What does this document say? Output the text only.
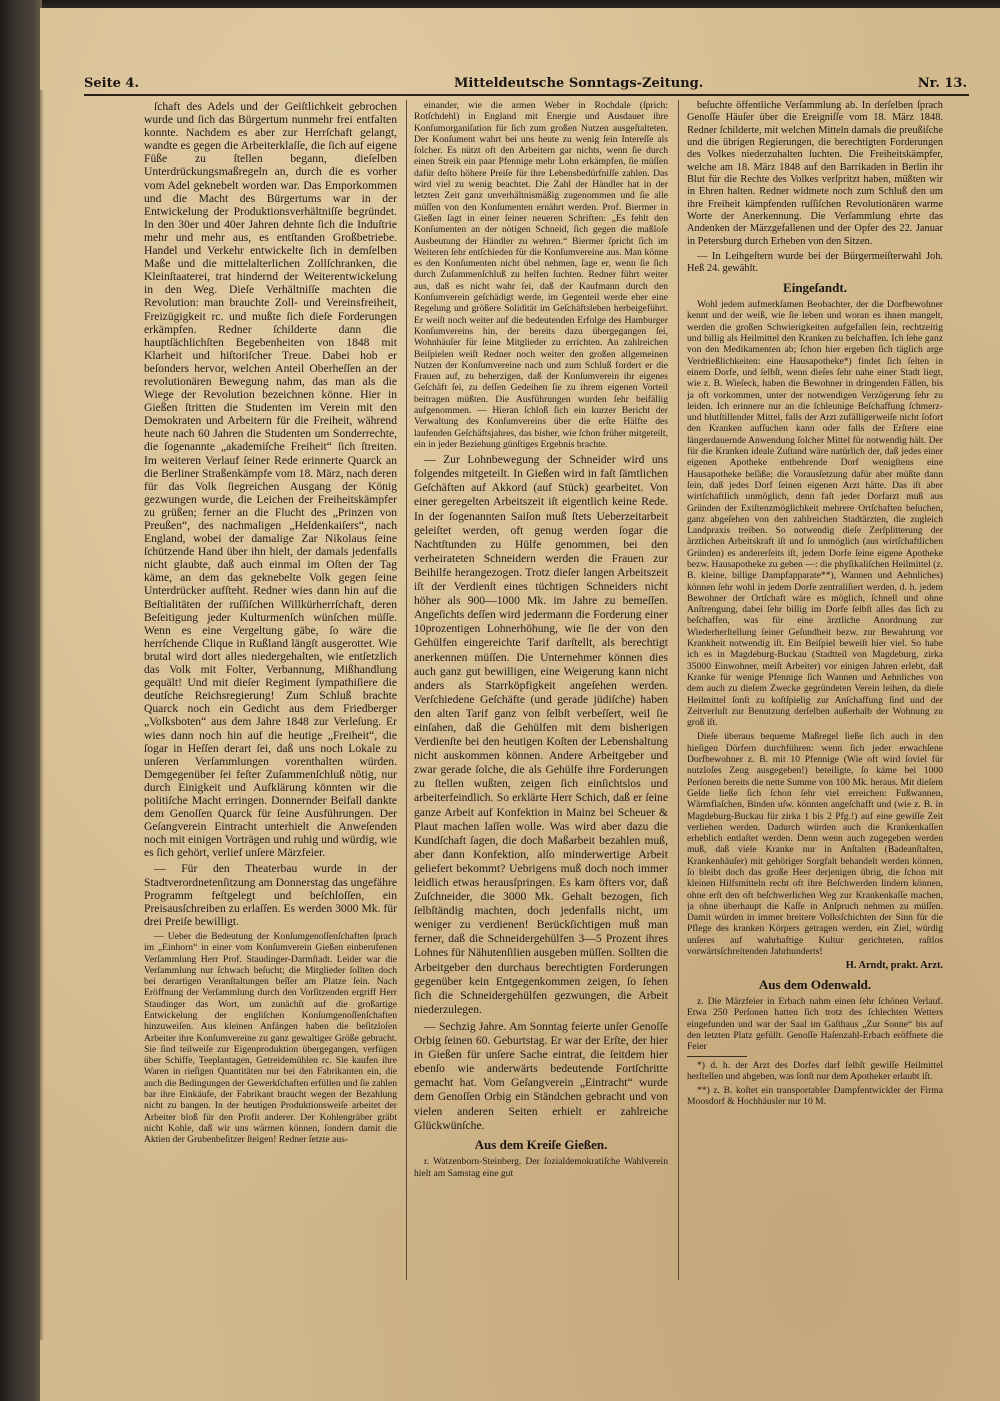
Seite 4.	Mitteldeutsche Sonntags-Zeitung.	Nr. 13.

ſchaft des Adels und der Geiſtlichkeit gebrochen wurde und ſich das Bürgertum nunmehr frei entfalten konnte. Nachdem es aber zur Herrſchaft gelangt, wandte es gegen die Arbeiterklaſſe, die ſich auf eigene Füße zu ſtellen begann, dieſelben Unterdrückungsmaßregeln an, durch die es vorher vom Adel geknebelt worden war. Das Emporkommen und die Macht des Bürgertums war in der Entwickelung der Produktionsverhältniſſe begründet. In den 30er und 40er Jahren dehnte ſich die Induſtrie mehr und mehr aus, es entſtanden Großbetriebe. Handel und Verkehr entwickelte ſich in demſelben Maße und die mittelalterlichen Zollſchranken, die Kleinſtaaterei, trat hindernd der Weiterentwickelung in den Weg. Dieſe Verhältniſſe machten die Revolution: man brauchte Zoll- und Vereinsfreiheit, Freizügigkeit rc. und mußte ſich dieſe Forderungen erkämpfen. Redner ſchilderte dann die hauptſächlichſten Begebenheiten von 1848 mit Klarheit und hiſtoriſcher Treue. Dabei hob er beſonders hervor, welchen Anteil Oberheſſen an der revolutionären Bewegung nahm, das man als die Wiege der Revolution bezeichnen könne. Hier in Gießen ſtritten die Studenten im Verein mit den Demokraten und Arbeitern für die Freiheit, während heute nach 60 Jahren die Studenten um Sonderrechte, die ſogenannte „akademiſche Freiheit“ ſich ſtreiten. Im weiteren Verlauf ſeiner Rede erinnerte Quarck an die Berliner Straßenkämpfe vom 18. März, nach deren für das Volk ſiegreichen Ausgang der König gezwungen wurde, die Leichen der Freiheitskämpfer zu grüßen; ferner an die Flucht des „Prinzen von Preußen“, des nachmaligen „Heldenkaiſers“, nach England, wobei der damalige Zar Nikolaus ſeine ſchützende Hand über ihn hielt, der damals jedenfalls nicht glaubte, daß auch einmal im Oſten der Tag käme, an dem das geknebelte Volk gegen ſeine Unterdrücker aufſteht. Redner wies dann hin auf die Beſtialitäten der ruſſiſchen Willkürherrſchaft, deren Beſeitigung jeder Kulturmenſch wünſchen müſſe. Wenn es eine Vergeltung gäbe, ſo wäre die herrſchende Clique in Rußland längſt ausgerottet. Wie brutal wird dort alles niedergehalten, wie entſetzlich das Volk mit Folter, Verbannung, Mißhandlung gequält! Und mit dieſer Regiment ſympathiſiere die deutſche Reichsregierung! Zum Schluß brachte Quarck noch ein Gedicht aus dem Friedberger „Volksboten“ aus dem Jahre 1848 zur Verleſung. Er wies dann noch hin auf die heutige „Freiheit“, die ſogar in Heſſen derart ſei, daß uns noch Lokale zu unſeren Verſammlungen vorenthalten würden. Demgegenüber ſei feſter Zuſammenſchluß nötig, nur durch Einigkeit und Aufklärung könnten wir die politiſche Macht erringen. Donnernder Beifall dankte dem Genoſſen Quarck für ſeine Ausführungen. Der Geſangverein Eintracht unterhielt die Anweſenden noch mit einigen Vorträgen und ruhig und würdig, wie es ſich gehört, verlief unſere Märzfeier.

— Für den Theaterbau wurde in der Stadtverordnetenſitzung am Donnerstag das ungefähre Programm feſtgelegt und beſchloſſen, ein Preisausſchreiben zu erlaſſen. Es werden 3000 Mk. für drei Preiſe bewilligt.

— Ueber die Bedeutung der Konſumgenoſſenſchaften ſprach im „Einhorn“ in einer vom Konſumverein Gießen einberufenen Verſammlung Herr Prof. Staudinger-Darmſtadt. Leider war die Verſammlung nur ſchwach beſucht; die Mitglieder ſollten doch bei derartigen Veranſtaltungen beſſer am Platze ſein. Nach Eröffnung der Verſammlung durch den Vorſitzenden ergriff Herr Staudinger das Wort, um zunächſt auf die großartige Entwickelung der engliſchen Konſumgenoſſenſchaften hinzuweiſen. Aus kleinen Anfängen haben die beſitzloſen Arbeiter ihre Konſumvereine zu ganz gewaltiger Größe gebracht. Sie ſind teilweiſe zur Eigenproduktion übergegangen, verfügen über Schiffe, Teeplantagen, Getreidemühlen rc. Sie kaufen ihre Waren in rieſigen Quantitäten nur bei den Fabrikanten ein, die auch die Bedingungen der Gewerkſchaften erfüllen und ſie zahlen bar ihre Einkäufe, der Fabrikant braucht wegen der Bezahlung nicht zu bangen. In der heutigen Produktionsweiſe arbeitet der Arbeiter bloß für den Profit anderer. Der Kohlengräber gräbt nicht Kohle, daß wir uns wärmen können, ſondern damit die Aktien der Grubenbeſitzer ſteigen! Redner ſetzte aus-

einander, wie die armen Weber in Rochdale (ſprich: Rotſchdehl) in England mit Energie und Ausdauer ihre Konſumorganiſation für ſich zum großen Nutzen ausgeſtalteten. Der Konſument wahrt bei uns heute zu wenig ſein Intereſſe als ſolcher. Es nützt oft den Arbeitern gar nichts, wenn ſie durch einen Streik ein paar Pfennige mehr Lohn erkämpfen, ſie müſſen dafür deſto höhere Preiſe für ihre Lebensbedürfniſſe zahlen. Das wird viel zu wenig beachtet. Die Zahl der Händler hat in der letzten Zeit ganz unverhältnismäßig zugenommen und ſie alle müſſen von den Konſumenten ernährt werden. Prof. Biermer in Gießen ſagt in einer ſeiner neueren Schriften: „Es fehlt den Konſumenten an der nötigen Schneid, ſich gegen die maßloſe Ausbeutung der Händler zu wehren.“ Biermer ſpricht ſich im Weiteren ſehr entſchieden für die Konſumvereine aus. Man könne es den Konſumenten nicht übel nehmen, ſage er, wenn ſie ſich durch Zuſammenſchluß zu helfen ſuchten. Redner führt weiter aus, daß es nicht wahr ſei, daß der Kaufmann durch den Konſumverein geſchädigt werde, im Gegenteil werde eher eine Regelung und größere Solidität im Geſchäftsleben herbeigeführt. Er weiſt noch weiter auf die bedeutenden Erfolge des Hamburger Konſumvereins hin, der bereits dazu übergegangen ſei, Wohnhäuſer für ſeine Mitglieder zu errichten. An zahlreichen Beiſpielen weiſt Redner noch weiter den großen allgemeinen Nutzen der Konſumvereine nach und zum Schluß fordert er die Frauen auf, zu beherzigen, daß der Konſumverein ihr eigenes Geſchäft ſei, zu deſſen Gedeihen ſie zu ihrem eigenen Vorteil beitragen müßten. Die Ausführungen wurden ſehr beifällig aufgenommen. — Hieran ſchloß ſich ein kurzer Bericht der Verwaltung des Konſumvereins über die erſte Hälfte des laufenden Geſchäftsjahres, das bisher, wie ſchon früher mitgeteilt, ein in jeder Beziehung günſtiges Ergebnis brachte.

— Zur Lohnbewegung der Schneider wird uns folgendes mitgeteilt. In Gießen wird in faſt ſämtlichen Geſchäften auf Akkord (auf Stück) gearbeitet. Von einer geregelten Arbeitszeit iſt eigentlich keine Rede. In der ſogenannten Saiſon muß ſtets Ueberzeitarbeit geleiſtet werden, oft genug werden ſogar die Nachtſtunden zu Hülfe genommen, bei den verheirateten Schneidern werden die Frauen zur Beihilfe herangezogen. Trotz dieſer langen Arbeitszeit iſt der Verdienſt eines tüchtigen Schneiders nicht höher als 900—1000 Mk. im Jahre zu bemeſſen. Angeſichts deſſen wird jedermann die Forderung einer 10prozentigen Lohnerhöhung, wie ſie der von den Gehülfen eingereichte Tarif darſtellt, als berechtigt anerkennen müſſen. Die Unternehmer können dies auch ganz gut bewilligen, eine Weigerung kann nicht anders als Starrköpfigkeit angeſehen werden. Verſchiedene Geſchäfte (und gerade jüdiſche) haben den alten Tarif ganz von ſelbſt verbeſſert, weil ſie einſahen, daß die Gehülfen mit dem bisherigen Verdienſte bei den heutigen Koſten der Lebenshaltung nicht auskommen können. Andere Arbeitgeber und zwar gerade ſolche, die als Gehülfe ihre Forderungen zu ſtellen wußten, zeigen ſich einſichtslos und arbeiterfeindlich. So erklärte Herr Schich, daß er ſeine ganze Arbeit auf Konfektion in Mainz bei Scheuer & Plaut machen laſſen wolle. Was wird aber dazu die Kundſchaft ſagen, die doch Maßarbeit bezahlen muß, aber dann Konfektion, alſo minderwertige Arbeit geliefert bekommt? Uebrigens muß doch noch immer leidlich etwas herausſpringen. Es kam öfters vor, daß Zuſchneider, die 3000 Mk. Gehalt bezogen, ſich ſelbſtändig machten, doch jedenfalls nicht, um weniger zu verdienen! Berückſichtigen muß man ferner, daß die Schneidergehülfen 3—5 Prozent ihres Lohnes für Nähutenſilien ausgeben müſſen. Sollten die Arbeitgeber den durchaus berechtigten Forderungen gegenüber kein Entgegenkommen zeigen, ſo ſehen ſich die Schneidergehülfen gezwungen, die Arbeit niederzulegen.

— Sechzig Jahre. Am Sonntag feierte unſer Genoſſe Orbig ſeinen 60. Geburtstag. Er war der Erſte, der hier in Gießen für unſere Sache eintrat, die ſeitdem hier ebenſo wie anderwärts bedeutende Fortſchritte gemacht hat. Vom Geſangverein „Eintracht“ wurde dem Genoſſen Orbig ein Ständchen gebracht und von vielen anderen Seiten erhielt er zahlreiche Glückwünſche.

Aus dem Kreiſe Gießen.

r. Watzenborn-Steinberg. Der ſozialdemokratiſche Wahlverein hielt am Samstag eine gut

beſuchte öffentliche Verſammlung ab. In derſelben ſprach Genoſſe Häuſer über die Ereigniſſe vom 18. März 1848. Redner ſchilderte, mit welchen Mitteln damals die preußiſche und die übrigen Regierungen, die berechtigten Forderungen des Volkes niederzuhalten ſuchten. Die Freiheitskämpfer, welche am 18. März 1848 auf den Barrikaden in Berlin ihr Blut für die Rechte des Volkes verſpritzt haben, müßten wir in Ehren halten. Redner widmete noch zum Schluß den um ihre Freiheit kämpfenden ruſſiſchen Revolutionären warme Worte der Anerkennung. Die Verſammlung ehrte das Andenken der Märzgefallenen und der Opfer des 22. Januar in Petersburg durch Erheben von den Sitzen.

— In Leihgeſtern wurde bei der Bürgermeiſterwahl Joh. Heß 24. gewählt.

Eingeſandt.

Wohl jedem aufmerkſamen Beobachter, der die Dorfbewohner kennt und der weiß, wie ſie leben und woran es ihnen mangelt, werden die großen Schwierigkeiten aufgefallen ſein, rechtzeitig und billig als Heilmittel den Kranken zu beſchaffen. Ich ſehe ganz von den Medikamenten ab; ſchon hier ergeben ſich täglich arge Verdrießlichkeiten: eine Hausapotheke*) findet ſich ſelten in einem Dorfe, und ſelbſt, wenn dieſes ſehr nahe einer Stadt liegt, wie z. B. Wieſeck, haben die Bewohner in dringenden Fällen, bis ja oft vorkommen, unter der notwendigen Verzögerung ſehr zu leiden. Ich erinnere nur an die ſchleunige Beſchaffung ſchmerz- und blutſtillender Mittel, falls der Arzt zufälligerweiſe nicht ſofort den Kranken aufſuchen kann oder falls der Erſtere eine längerdauernde Anwendung ſolcher Mittel für notwendig hält. Der für die Kranken ideale Zuſtand wäre natürlich der, daß jedes einer eigenen Apotheke entbehrende Dorf wenigſtens eine Hausapotheke beſäße; die Vorausſetzung dafür aber müßte dann ſein, daß jedes Dorf ſeinen eigenen Arzt hätte. Das iſt aber wirtſchaftlich unmöglich, denn faſt jeder Dorfarzt muß aus Gründen der Exiſtenzmöglichkeit mehrere Ortſchaften beſuchen, ganz abgeſehen von den zahlreichen Stadtärzten, die zugleich Landpraxis treiben. So notwendig dieſe Zerſplitterung der ärztlichen Arbeitskraft iſt und ſo unmöglich (aus wirtſchaftlichen Gründen) es andererſeits iſt, jedem Dorfe ſeine eigene Apotheke bezw. Hausapotheke zu geben —: die phyſikaliſchen Heilmittel (z. B. kleine, billige Dampfapparate**), Wannen und Aehnliches) können ſehr wohl in jedem Dorfe zentraliſiert werden, d. h. jedem Bewohner der Ortſchaft wäre es möglich, ſchnell und ohne Anſtrengung, dabei ſehr billig im Dorfe ſelbſt alles das ſich zu beſchaffen, was für eine ärztliche Anordnung zur Wiederherſtellung ſeiner Geſundheit bezw. zur Bewahrung vor Krankheit notwendig iſt. Ein Beiſpiel beweiſt hier viel. So habe ich es in Magdeburg-Buckau (Stadtteil von Magdeburg, zirka 35000 Einwohner, meiſt Arbeiter) vor einigen Jahren erlebt, daß Kranke für wenige Pfennige ſich Wannen und Aehnliches von dem auch zu dieſem Zwecke gegründeten Verein leihen, da dieſe Heilmittel ſonſt zu koſtſpielig zur Anſchaffung ſind und der Zeitverluſt zur Benutzung derſelben außerhalb der Wohnung zu groß iſt.

Dieſe überaus bequeme Maßregel ließe ſich auch in den hieſigen Dörfern durchführen: wenn ſich jeder erwachſene Dorfbewohner z. B. mit 10 Pfennige (Wie oft wird ſoviel für nutzloſes Zeug ausgegeben!) beteiligte, ſo käme bei 1000 Perſonen bereits die nette Summe von 100 Mk. heraus. Mit dieſem Gelde ließe ſich ſchon ſehr viel erreichen: Fußwannen, Wärmflaſchen, Binden uſw. könnten angeſchafft und (wie z. B. in Magdeburg-Buckau für zirka 1 bis 2 Pfg.!) auf eine gewiſſe Zeit verliehen werden. Dadurch würden auch die Krankenkaſſen erheblich entlaſtet werden. Denn wenn auch zugegeben werden muß, daß viele Kranke nur in Anſtalten (Badeanſtalten, Krankenhäuſer) mit gehöriger Sorgfalt behandelt werden können, ſo bleibt doch das große Heer derjenigen übrig, die ſchon mit kleinen Hilfsmitteln recht oft ihre Beſchwerden lindern können, ohne erſt den oft beſchwerlichen Weg zur Krankenkaſſe machen, ja ohne überhaupt die Kaſſe in Anſpruch nehmen zu müſſen. Damit würden in immer breitere Volksſchichten der Sinn für die Pflege des kranken Körpers getragen werden, ein Ziel, würdig unſeres auf wahrhaftige Kultur gerichteten, raſtlos vorwärtsſchreitenden Jahrhunderts!

H. Arndt, prakt. Arzt.

Aus dem Odenwald.

z. Die Märzfeier in Erbach nahm einen ſehr ſchönen Verlauf. Etwa 250 Perſonen hatten ſich trotz des ſchlechten Wetters eingefunden und war der Saal im Gaſthaus „Zur Sonne“ bis auf den letzten Platz gefüllt. Genoſſe Haſenzahl-Erbach eröffnete die Feier

*) d. h. der Arzt des Dorfes darf ſelbſt gewiſſe Heilmittel herſtellen und abgeben, was ſonſt nur dem Apotheker erlaubt iſt.

**) z. B. koſtet ein transportabler Dampfentwickler der Firma Moosdorf & Hochhäusler nur 10 M.
